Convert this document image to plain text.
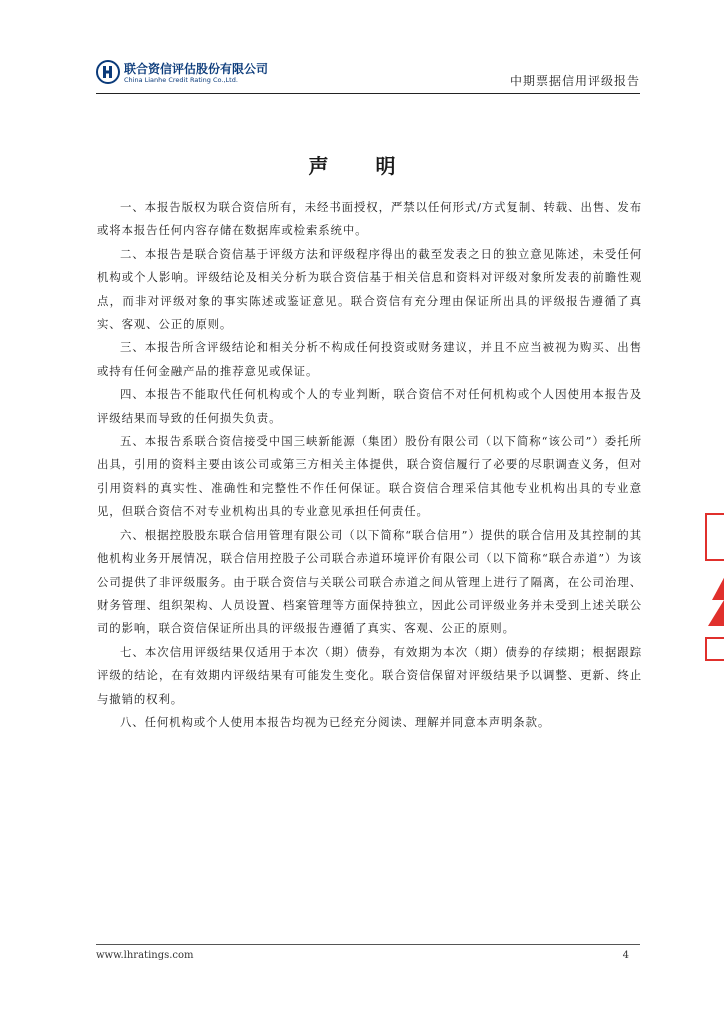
联合资信评估股份有限公司
China Lianhe Credit Rating Co.,Ltd.	中期票据信用评级报告
声 明

一、本报告版权为联合资信所有，未经书面授权，严禁以任何形式/方式复制、转载、出售、发布或将本报告任何内容存储在数据库或检索系统中。

二、本报告是联合资信基于评级方法和评级程序得出的截至发表之日的独立意见陈述，未受任何机构或个人影响。评级结论及相关分析为联合资信基于相关信息和资料对评级对象所发表的前瞻性观点，而非对评级对象的事实陈述或鉴证意见。联合资信有充分理由保证所出具的评级报告遵循了真实、客观、公正的原则。

三、本报告所含评级结论和相关分析不构成任何投资或财务建议，并且不应当被视为购买、出售或持有任何金融产品的推荐意见或保证。

四、本报告不能取代任何机构或个人的专业判断，联合资信不对任何机构或个人因使用本报告及评级结果而导致的任何损失负责。

五、本报告系联合资信接受中国三峡新能源（集团）股份有限公司（以下简称“该公司”）委托所出具，引用的资料主要由该公司或第三方相关主体提供，联合资信履行了必要的尽职调查义务，但对引用资料的真实性、准确性和完整性不作任何保证。联合资信合理采信其他专业机构出具的专业意见，但联合资信不对专业机构出具的专业意见承担任何责任。

六、根据控股股东联合信用管理有限公司（以下简称“联合信用”）提供的联合信用及其控制的其他机构业务开展情况，联合信用控股子公司联合赤道环境评价有限公司（以下简称“联合赤道”）为该公司提供了非评级服务。由于联合资信与关联公司联合赤道之间从管理上进行了隔离，在公司治理、财务管理、组织架构、人员设置、档案管理等方面保持独立，因此公司评级业务并未受到上述关联公司的影响，联合资信保证所出具的评级报告遵循了真实、客观、公正的原则。

七、本次信用评级结果仅适用于本次（期）债券，有效期为本次（期）债券的存续期；根据跟踪评级的结论，在有效期内评级结果有可能发生变化。联合资信保留对评级结果予以调整、更新、终止与撤销的权利。

八、任何机构或个人使用本报告均视为已经充分阅读、理解并同意本声明条款。

www.lhratings.com	4
